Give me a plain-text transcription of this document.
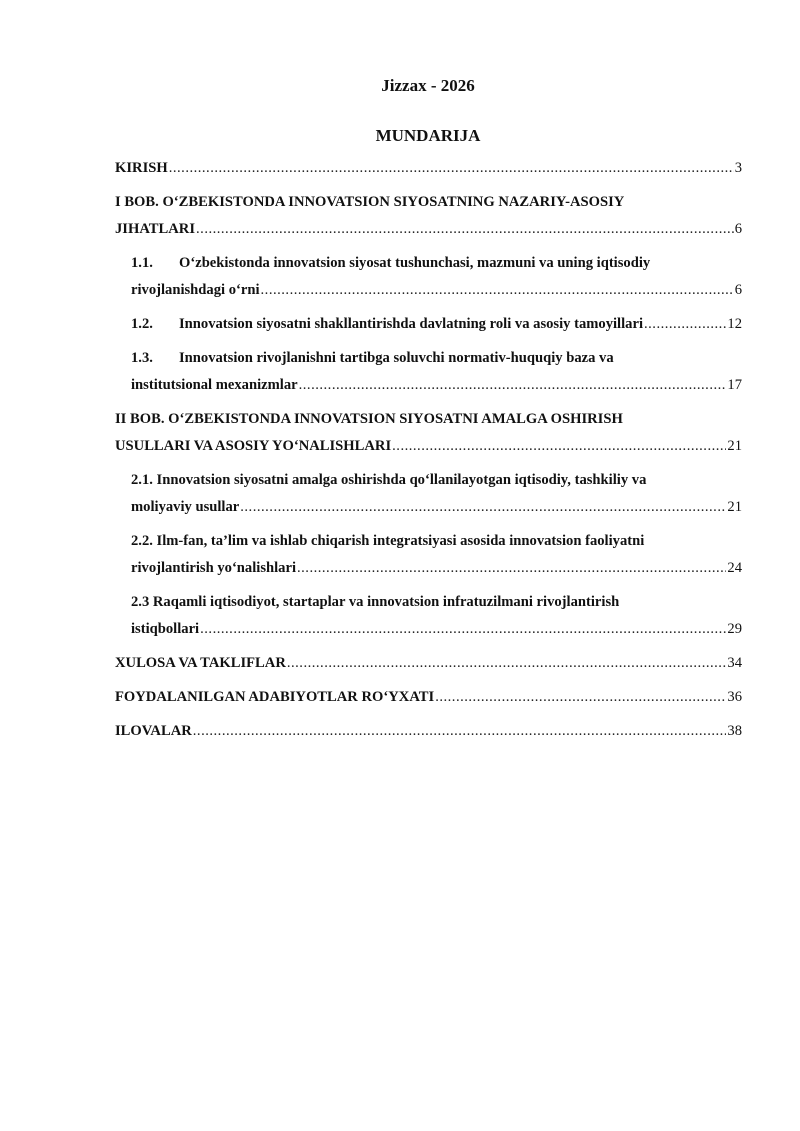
Jizzax - 2026
MUNDARIJA
KIRISH .....	3
I BOB. O‘ZBEKISTONDA INNOVATSION SIYOSATNING NAZARIY-ASOSIY
JIHATLARI .....	6
1.1. O‘zbekistonda innovatsion siyosat tushunchasi, mazmuni va uning iqtisodiy
rivojlanishdagi o‘rni .....	6
1.2.	Innovatsion siyosatni shakllantirishda davlatning roli va asosiy tamoyillari .....	12
1.3. Innovatsion rivojlanishni tartibga soluvchi normativ-huquqiy baza va
institutsional mexanizmlar .....	17
II BOB. O‘ZBEKISTONDA INNOVATSION SIYOSATNI AMALGA OSHIRISH
USULLARI VA ASOSIY YO‘NALISHLARI .....	21
2.1. Innovatsion siyosatni amalga oshirishda qo‘llanilayotgan iqtisodiy, tashkiliy va
moliyaviy usullar .....	21
2.2. Ilm-fan, ta’lim va ishlab chiqarish integratsiyasi asosida innovatsion faoliyatni
rivojlantirish yo‘nalishlari .....	24
2.3 Raqamli iqtisodiyot, startaplar va innovatsion infratuzilmani rivojlantirish
istiqbollari .....	29
XULOSA VA TAKLIFLAR .....	34
FOYDALANILGAN ADABIYOTLAR RO‘YXATI .....	36
ILOVALAR .....	38
